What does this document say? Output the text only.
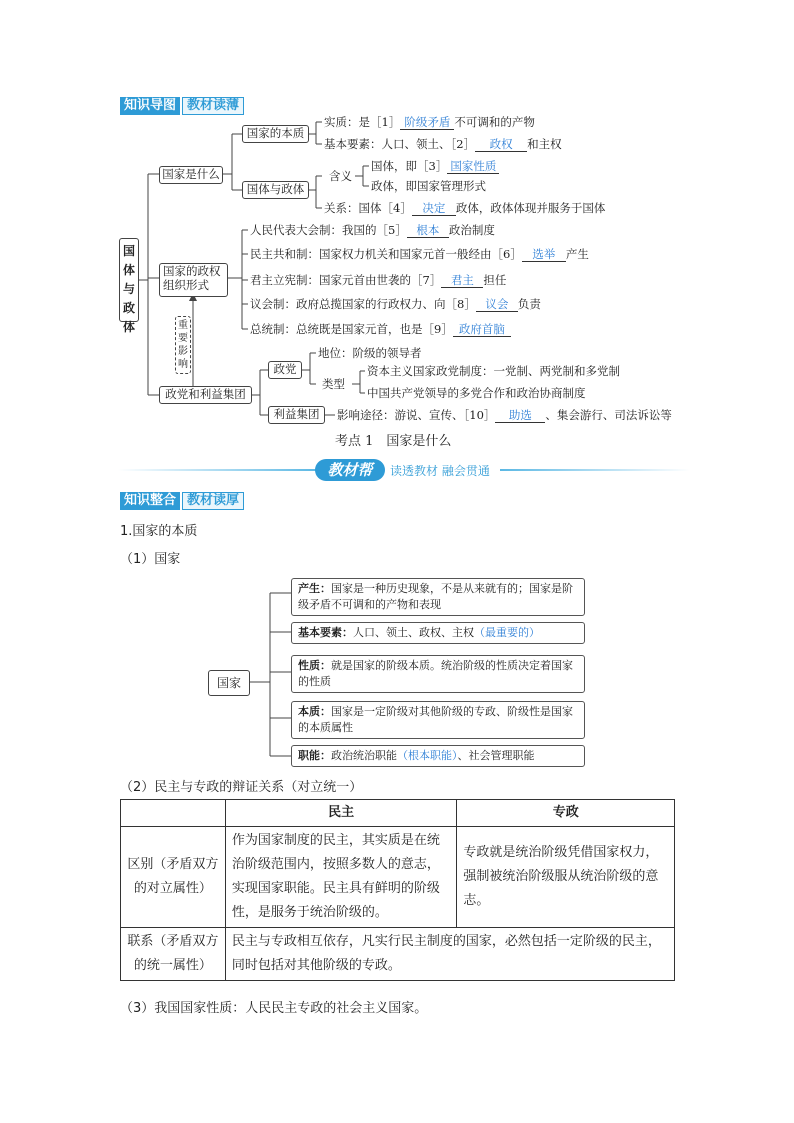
知识导图 教材读薄
国体与政体
国家是什么
国家的政权组织形式
政党和利益集团
重要影响
国家的本质
国体与政体
政党
利益集团
实质：是［1］ 阶级矛盾 不可调和的产物
基本要素：人口、领土、［2］ 政权 和主权
含义
国体，即［3］ 国家性质
政体，即国家管理形式
关系：国体［4］ 决定 政体，政体体现并服务于国体
人民代表大会制：我国的［5］ 根本 政治制度
民主共和制：国家权力机关和国家元首一般经由［6］ 选举 产生
君主立宪制：国家元首由世袭的［7］ 君主 担任
议会制：政府总揽国家的行政权力、向［8］ 议会 负责
总统制：总统既是国家元首，也是［9］ 政府首脑
地位：阶级的领导者
类型
资本主义国家政党制度：一党制、两党制和多党制
中国共产党领导的多党合作和政治协商制度
影响途径：游说、宣传、［10］ 助选 、集会游行、司法诉讼等
考点 1　国家是什么
教材帮	读透教材 融会贯通
知识整合 教材读厚
1.国家的本质
（1）国家
国家
产生：国家是一种历史现象，不是从来就有的；国家是阶级矛盾不可调和的产物和表现
基本要素：人口、领土、政权、主权（最重要的）
性质：就是国家的阶级本质。统治阶级的性质决定着国家的性质
本质：国家是一定阶级对其他阶级的专政、阶级性是国家的本质属性
职能：政治统治职能（根本职能）、社会管理职能
（2）民主与专政的辩证关系（对立统一）
	民主	专政
区别（矛盾双方的对立属性）	作为国家制度的民主，其实质是在统治阶级范围内，按照多数人的意志，实现国家职能。民主具有鲜明的阶级性，是服务于统治阶级的。	专政就是统治阶级凭借国家权力，强制被统治阶级服从统治阶级的意志。
联系（矛盾双方的统一属性）	民主与专政相互依存，凡实行民主制度的国家，必然包括一定阶级的民主，同时包括对其他阶级的专政。	
（3）我国国家性质：人民民主专政的社会主义国家。
